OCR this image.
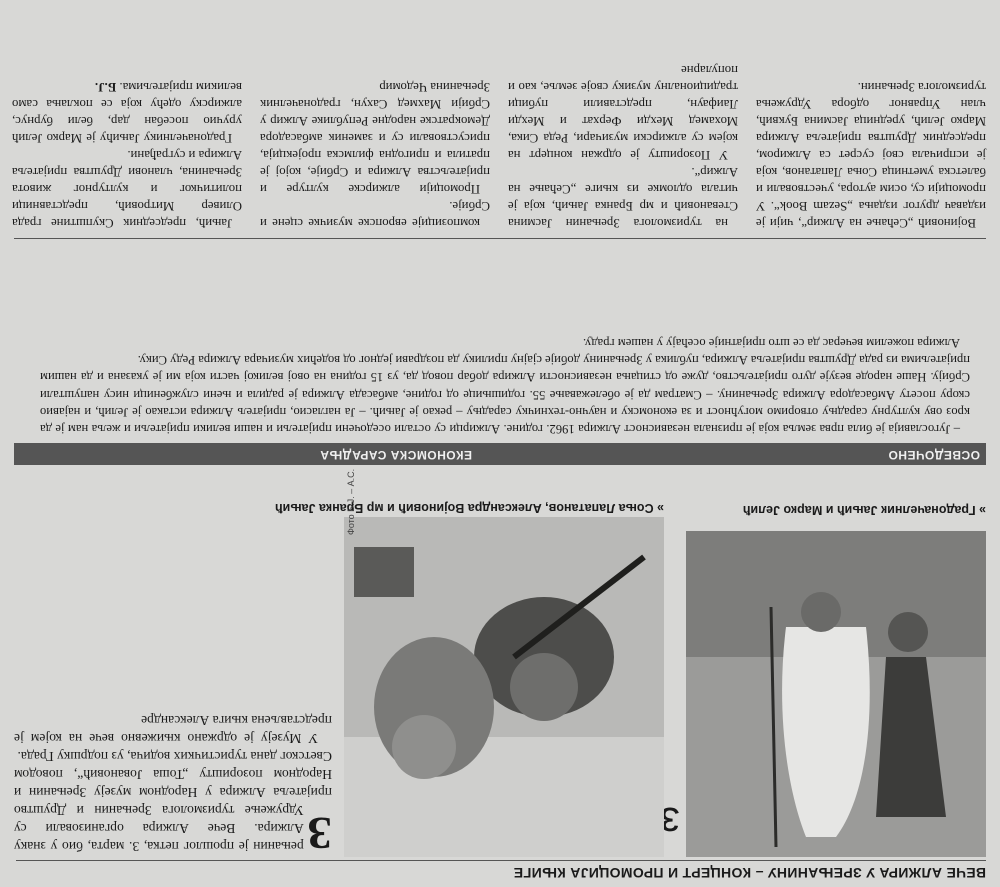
ВЕЧЕ АЛЖИРА У ЗРЕЊАНИНУ – КОНЦЕРТ И ПРОМОЦИЈА КЊИГЕ
» Градоначелник Јањић и Марко Јелић
» Соња Лапатанов, Александра Војиновић и мр Бранка Јањић
Фото Б.Ј. – А.С.

З
рењанин је прошлог петка, 3. марта, био у знаку Алжира. Вече Алжира организовали су Удружење туризмолога Зрењанин и Друштво пријатеља Алжира у Народном музеју Зрењанин и Народном позоришту „Тоша Јовановић“, поводом Светског дана туристичких водича, уз подршку Града.

У Музеју је одржано књижевно вече на којем је представљена књига Александре

ОСВЕДОЧЕНО
ЕКОНОМСКА САРАДЊА

– Југославија је била прва земља која је признала независност Алжира 1962. године. Алжирци су остали оседочени пријатељи и наши велики пријатељи и жеља нам је да кроз ову културну сарадњу отворимо могућност и за економску и научно-техничку сарадњу – рекао је Јањић. – Ја нагласио, пријатељ Алжира истакао је Јелић, и најавио скору посету Амбасадора Алжира Зрењанину. – Сматрам да је обележавање 55. годишњице од године, амбасада Алжира је радила и њени службеници нису напуштали Србију. Наше народе везује дуго пријатељство, дуже од стицања независности Алжира добар повод да, уз 15 година на овој великој части која ми је указана и да нашим пријатељима из рада Друштва пријатеља Алжира, публика у Зрењанину добије сјајну прилику да поздрави једног од водећих музичара Алжира Реду Сику.

Алжира пожелим вечерас да се што пријатније осећају у нашем граду.

Војиновић „Сећање на Алжир“, чији је издавач другог издања „Sezam Book“. У промоцији су, осим аутора, учествовали и балетска уметница Соња Лапатанов, која је испричала свој сусрет са Алжиром, председник Друштва пријатеља Алжира Марко Јелић, уредница Јасмина Буквић, члан Управног одбора Удружења туризмолога Зрењанин.

на туризмолога Зрењанин Јасмина Стевановић и мр Бранка Јањић, која је читала одломке из књиге „Сећање на Алжир“.

У Позоришту је одржан концерт на којем су алжирски музичари, Реда Сика, Мохамед Мехди Ферхат и Мехди Лаифаун, представили пубици традиционалну музику своје земље, као и популарне

композиције европске музичке сцене и Србије.

Промоцији алжирске културе и пријатељства Алжира и Србије, којој је пратила и пригодна филмска пројекција, присуствовали су и заменик амбасадора Демократске народне Републике Алжир у Србији Махмед Сахун, градоначелник Зрењанина Чедомир

Јањић, председник Скупштине града Оливер Митровић, представници политичког и културног живота Зрењанина, чланови Друштва пријатеља Алжира и суграђани.

Градоначелнику Јањићу је Марко Јелић уручио посебан дар, бели бурнус, алжирску одећу која се поклања само великим пријатељима. Б.Ј.
